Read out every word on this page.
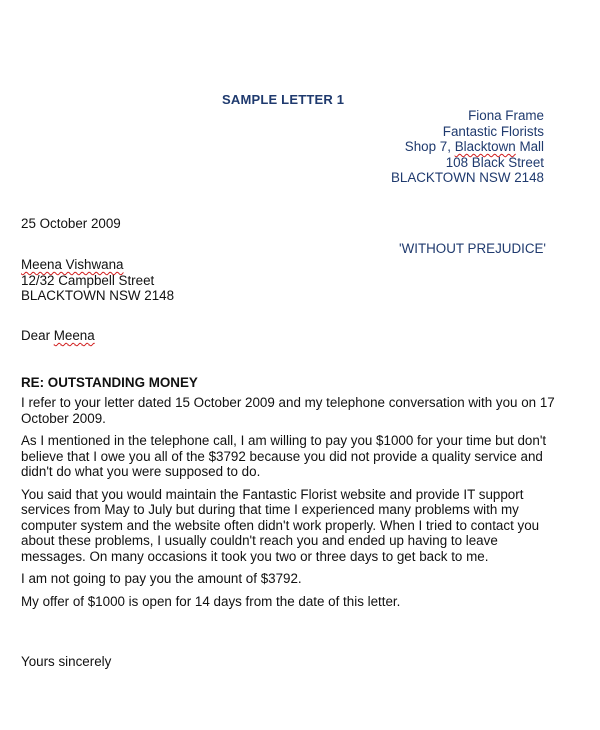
SAMPLE LETTER 1
Fiona Frame
Fantastic Florists
Shop 7, Blacktown Mall
108 Black Street
BLACKTOWN NSW 2148
25 October 2009
'WITHOUT PREJUDICE'
Meena Vishwana
12/32 Campbell Street
BLACKTOWN NSW 2148
Dear Meena
RE: OUTSTANDING MONEY

I refer to your letter dated 15 October 2009 and my telephone conversation with you on 17 October 2009.

As I mentioned in the telephone call, I am willing to pay you $1000 for your time but don't believe that I owe you all of the $3792 because you did not provide a quality service and didn't do what you were supposed to do.

You said that you would maintain the Fantastic Florist website and provide IT support services from May to July but during that time I experienced many problems with my computer system and the website often didn't work properly. When I tried to contact you about these problems, I usually couldn't reach you and ended up having to leave messages. On many occasions it took you two or three days to get back to me.

I am not going to pay you the amount of $3792.

My offer of $1000 is open for 14 days from the date of this letter.

Yours sincerely
